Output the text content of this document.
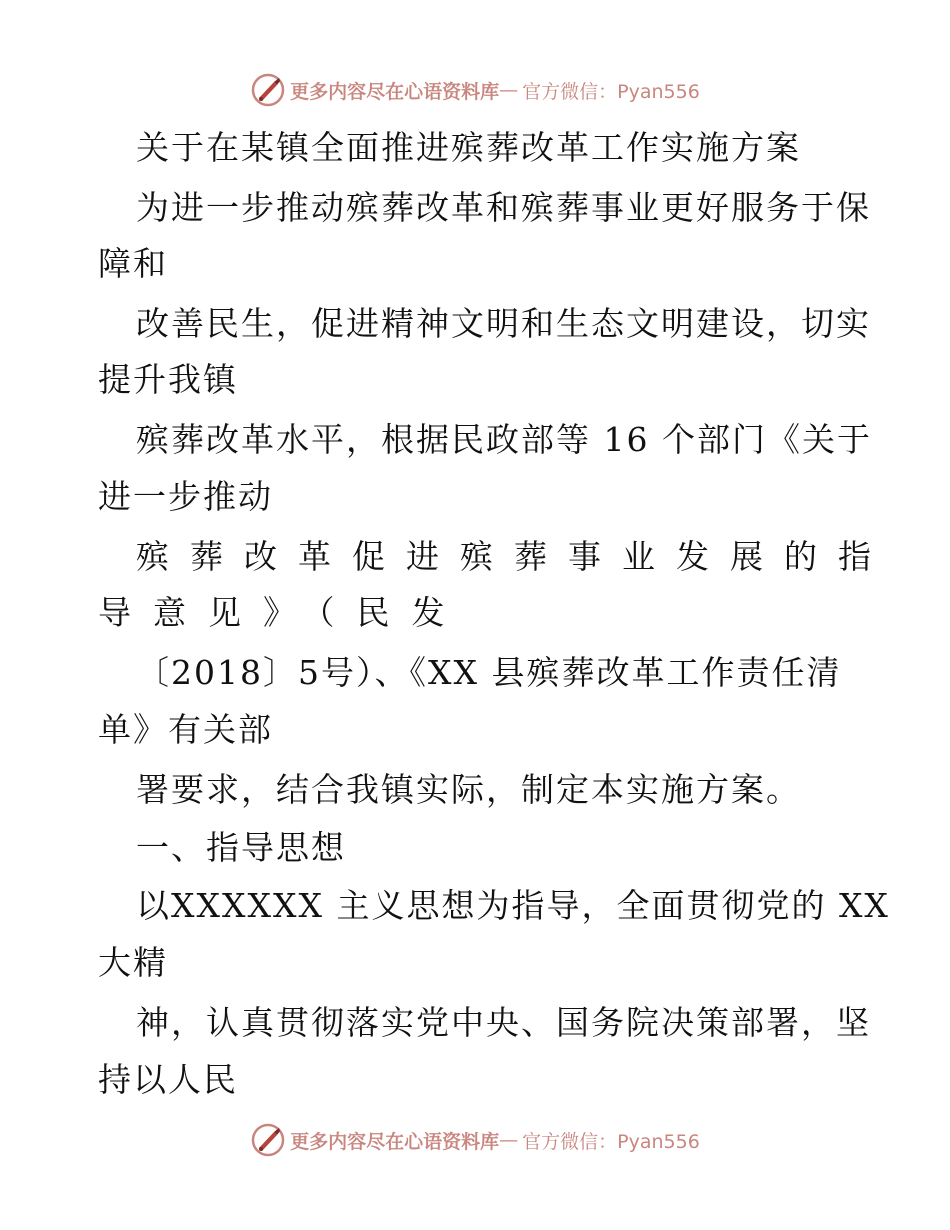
更多内容尽在心语资料库 — 官方微信：Pyan556
关于在某镇全面推进殡葬改革工作实施方案
为进一步推动殡葬改革和殡葬事业更好服务于保
障和
改善民生，促进精神文明和生态文明建设，切实
提升我镇
殡葬改革水平，根据民政部等 16 个部门《关于
进一步推动
殡葬改革促进殡葬事业发展的指
导意见》（民发
〔2018〕5号）、《XX 县殡葬改革工作责任清
单》有关部
署要求，结合我镇实际，制定本实施方案。
一、指导思想
以XXXXXX 主义思想为指导，全面贯彻党的 XX
大精
神，认真贯彻落实党中央、国务院决策部署，坚
持以人民
更多内容尽在心语资料库 — 官方微信：Pyan556
